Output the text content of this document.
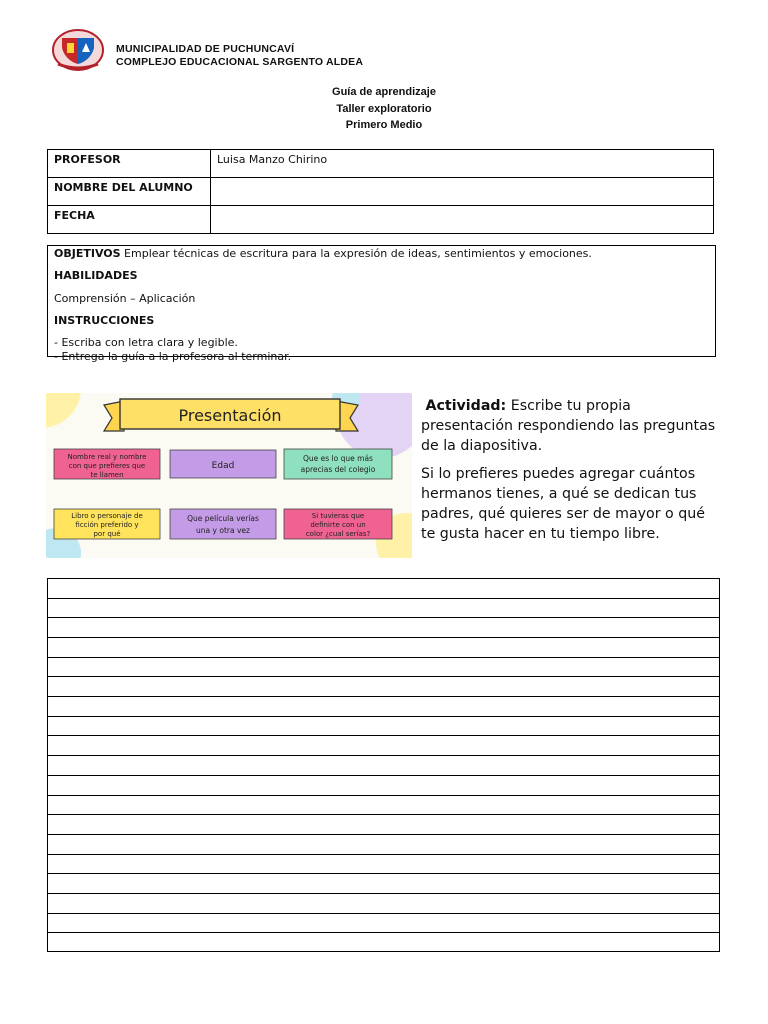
MUNICIPALIDAD DE PUCHUNCAVÍ
COMPLEJO EDUCACIONAL SARGENTO ALDEA
Guía de aprendizaje
Taller exploratorio
Primero Medio
PROFESOR	Luisa Manzo Chirino
NOMBRE DEL ALUMNO	
FECHA	

OBJETIVOS Emplear técnicas de escritura para la expresión de ideas, sentimientos y emociones.

HABILIDADES

Comprensión – Aplicación

INSTRUCCIONES

- Escriba con letra clara y legible.

- Entrega la guía a la profesora al terminar.

Presentación
Nombre real y nombre
con que prefieres que
te llamen
Edad
Que es lo que más
aprecias del colegio
Libro o personaje de
ficción preferido y
por qué
Que película verías
una y otra vez
Si tuvieras que
definirte con un
color ¿cual serías?
Actividad: Escribe tu propia presentación respondiendo las preguntas de la diapositiva.
Si lo prefieres puedes agregar cuántos hermanos tienes, a qué se dedican tus padres, qué quieres ser de mayor o qué te gusta hacer en tu tiempo libre.
